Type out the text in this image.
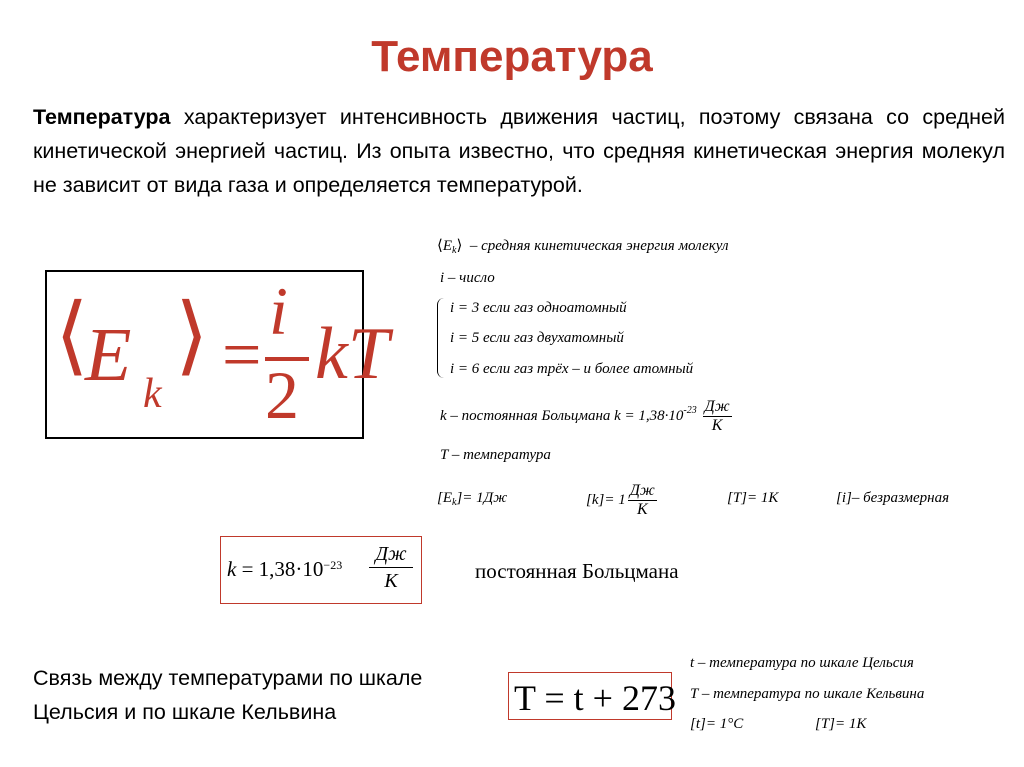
Температура
Температура характеризует интенсивность движения частиц, поэтому связана со средней кинетической энергией частиц. Из опыта известно, что средняя кинетическая энергия молекул не зависит от вида газа и определяется температурой.
⟨
E k
⟩ =
i
2 kT
$⟨E_k⟩$ – средняя кинетическая энергия молекул
i – число
i = 3 если газ одноатомный
i = 5 если газ двухатомный
i = 6 если газ трёх – и более атомный
k – постоянная Больцмана $k = 1,38\cdot 10^{-23} \frac{Дж}{К}$
T – температура
$[E_k]= 1Дж$	$[k]= 1 \frac{Дж}{К}$	[T]= 1К	[i]– безразмерная
$k = 1,38\cdot 10^{-23}$	Дж
К	постоянная Больцмана
Связь между температурами по шкале
Цельсия и по шкале Кельвина	T = t + 273
t – температура по шкале Цельсия
T – температура по шкале Кельвина
[t]= 1°C	[T]= 1K
